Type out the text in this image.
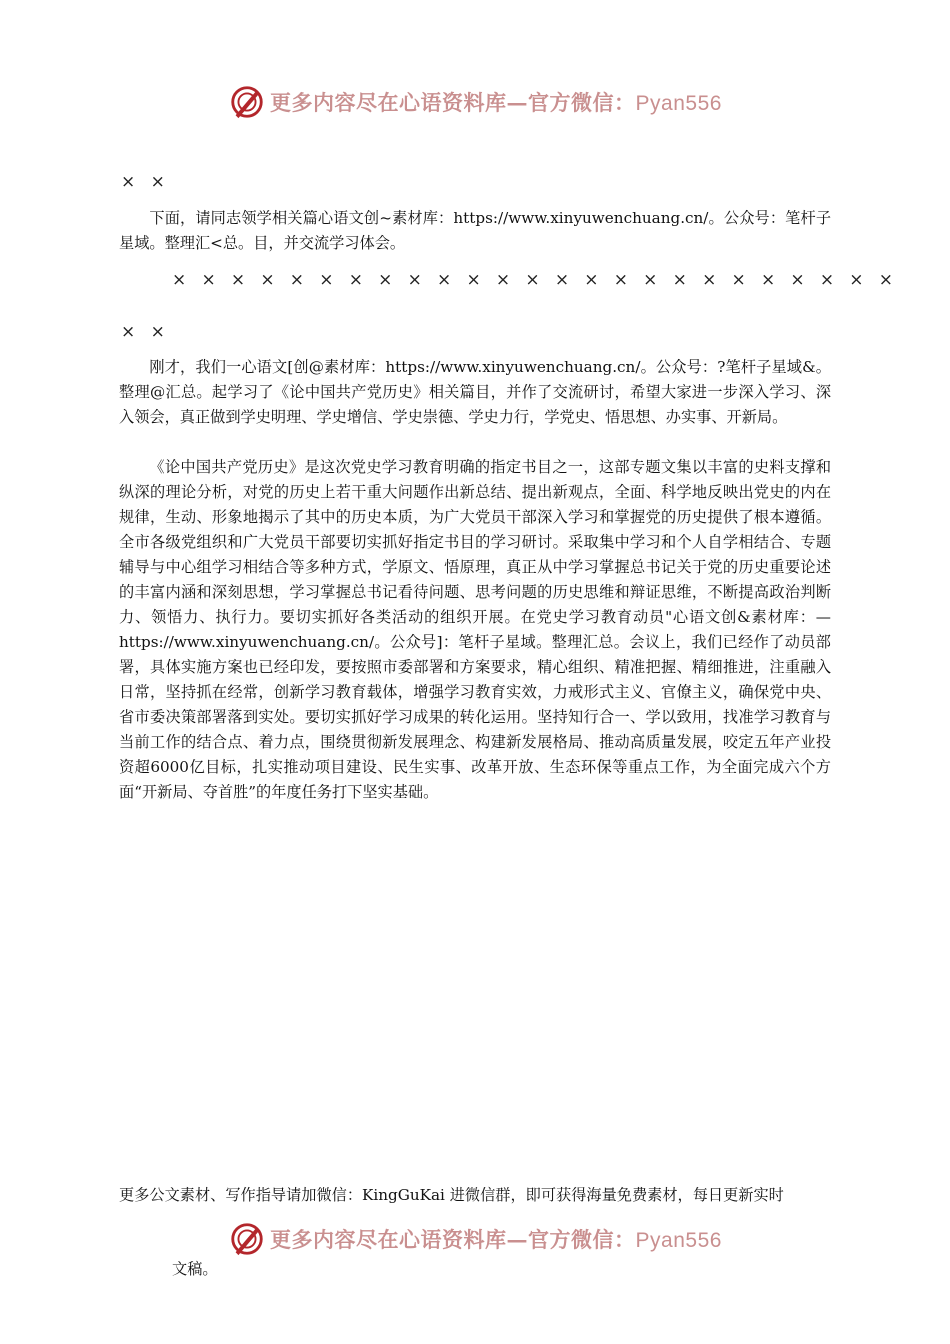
更多内容尽在心语资料库—官方微信：Pyan556
× ×

下面，请同志领学相关篇心语文创~素材库：https://www.xinyuwenchuang.cn/。公众号：笔杆子星域。整理汇<总。目，并交流学习体会。

× × × × × × × × × × × × × × × × × × × × × × × × ×
× ×

刚才，我们一心语文[创@素材库：https://www.xinyuwenchuang.cn/。公众号：?笔杆子星域&。整理@汇总。起学习了《论中国共产党历史》相关篇目，并作了交流研讨，希望大家进一步深入学习、深入领会，真正做到学史明理、学史增信、学史崇德、学史力行，学党史、悟思想、办实事、开新局。

《论中国共产党历史》是这次党史学习教育明确的指定书目之一，这部专题文集以丰富的史料支撑和纵深的理论分析，对党的历史上若干重大问题作出新总结、提出新观点，全面、科学地反映出党史的内在规律，生动、形象地揭示了其中的历史本质，为广大党员干部深入学习和掌握党的历史提供了根本遵循。全市各级党组织和广大党员干部要切实抓好指定书目的学习研讨。采取集中学习和个人自学相结合、专题辅导与中心组学习相结合等多种方式，学原文、悟原理，真正从中学习掌握总书记关于党的历史重要论述的丰富内涵和深刻思想，学习掌握总书记看待问题、思考问题的历史思维和辩证思维，不断提高政治判断力、领悟力、执行力。要切实抓好各类活动的组织开展。在党史学习教育动员"心语文创&素材库：—https://www.xinyuwenchuang.cn/。公众号]：笔杆子星域。整理汇总。会议上，我们已经作了动员部署，具体实施方案也已经印发，要按照市委部署和方案要求，精心组织、精准把握、精细推进，注重融入日常，坚持抓在经常，创新学习教育载体，增强学习教育实效，力戒形式主义、官僚主义，确保党中央、省市委决策部署落到实处。要切实抓好学习成果的转化运用。坚持知行合一、学以致用，找准学习教育与当前工作的结合点、着力点，围绕贯彻新发展理念、构建新发展格局、推动高质量发展，咬定五年产业投资超6000亿目标，扎实推动项目建设、民生实事、改革开放、生态环保等重点工作，为全面完成六个方面“开新局、夺首胜”的年度任务打下坚实基础。

更多公文素材、写作指导请加微信：KingGuKai 进微信群，即可获得海量免费素材，每日更新实时

更多内容尽在心语资料库—官方微信：Pyan556

文稿。
